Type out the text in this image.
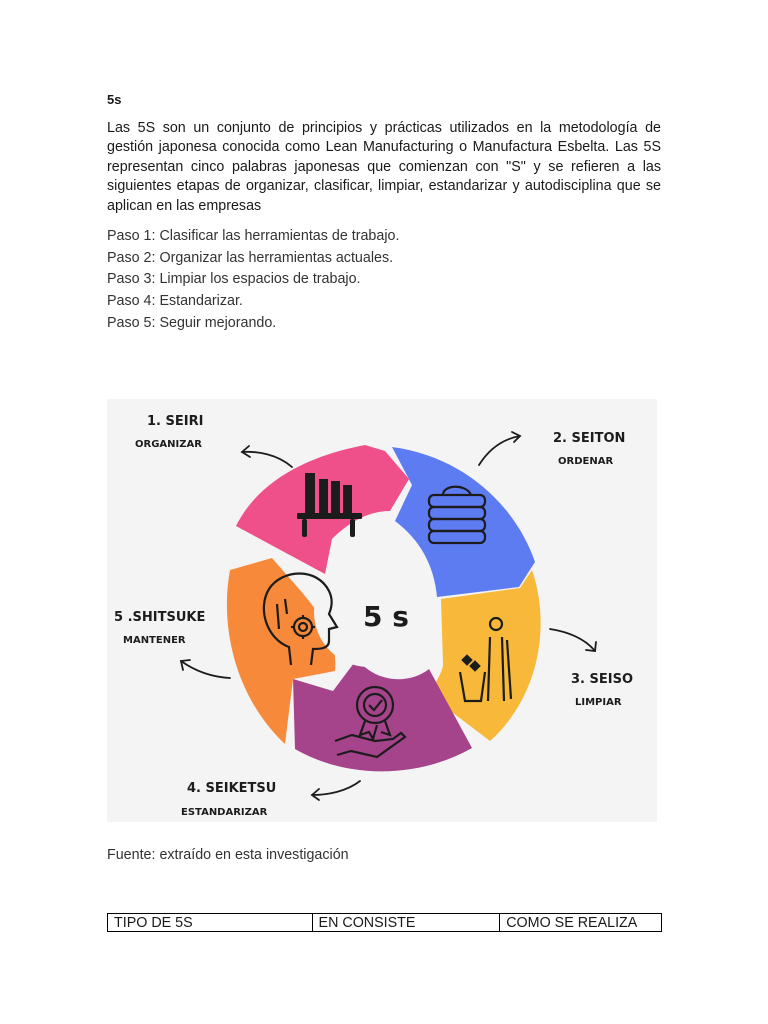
5s

Las 5S son un conjunto de principios y prácticas utilizados en la metodología de gestión japonesa conocida como Lean Manufacturing o Manufactura Esbelta. Las 5S representan cinco palabras japonesas que comienzan con "S" y se refieren a las siguientes etapas de organizar, clasificar, limpiar, estandarizar y autodisciplina que se aplican en las empresas

Paso 1: Clasificar las herramientas de trabajo.
Paso 2: Organizar las herramientas actuales.
Paso 3: Limpiar los espacios de trabajo.
Paso 4: Estandarizar.
Paso 5: Seguir mejorando.
5 s
1. SEIRI
ORGANIZAR	2. SEITON
ORDENAR
3. SEISO
LIMPIAR
4. SEIKETSU
ESTANDARIZAR
5 .SHITSUKE
MANTENER
Fuente: extraído en esta investigación
TIPO DE 5S	EN CONSISTE	COMO SE REALIZA
